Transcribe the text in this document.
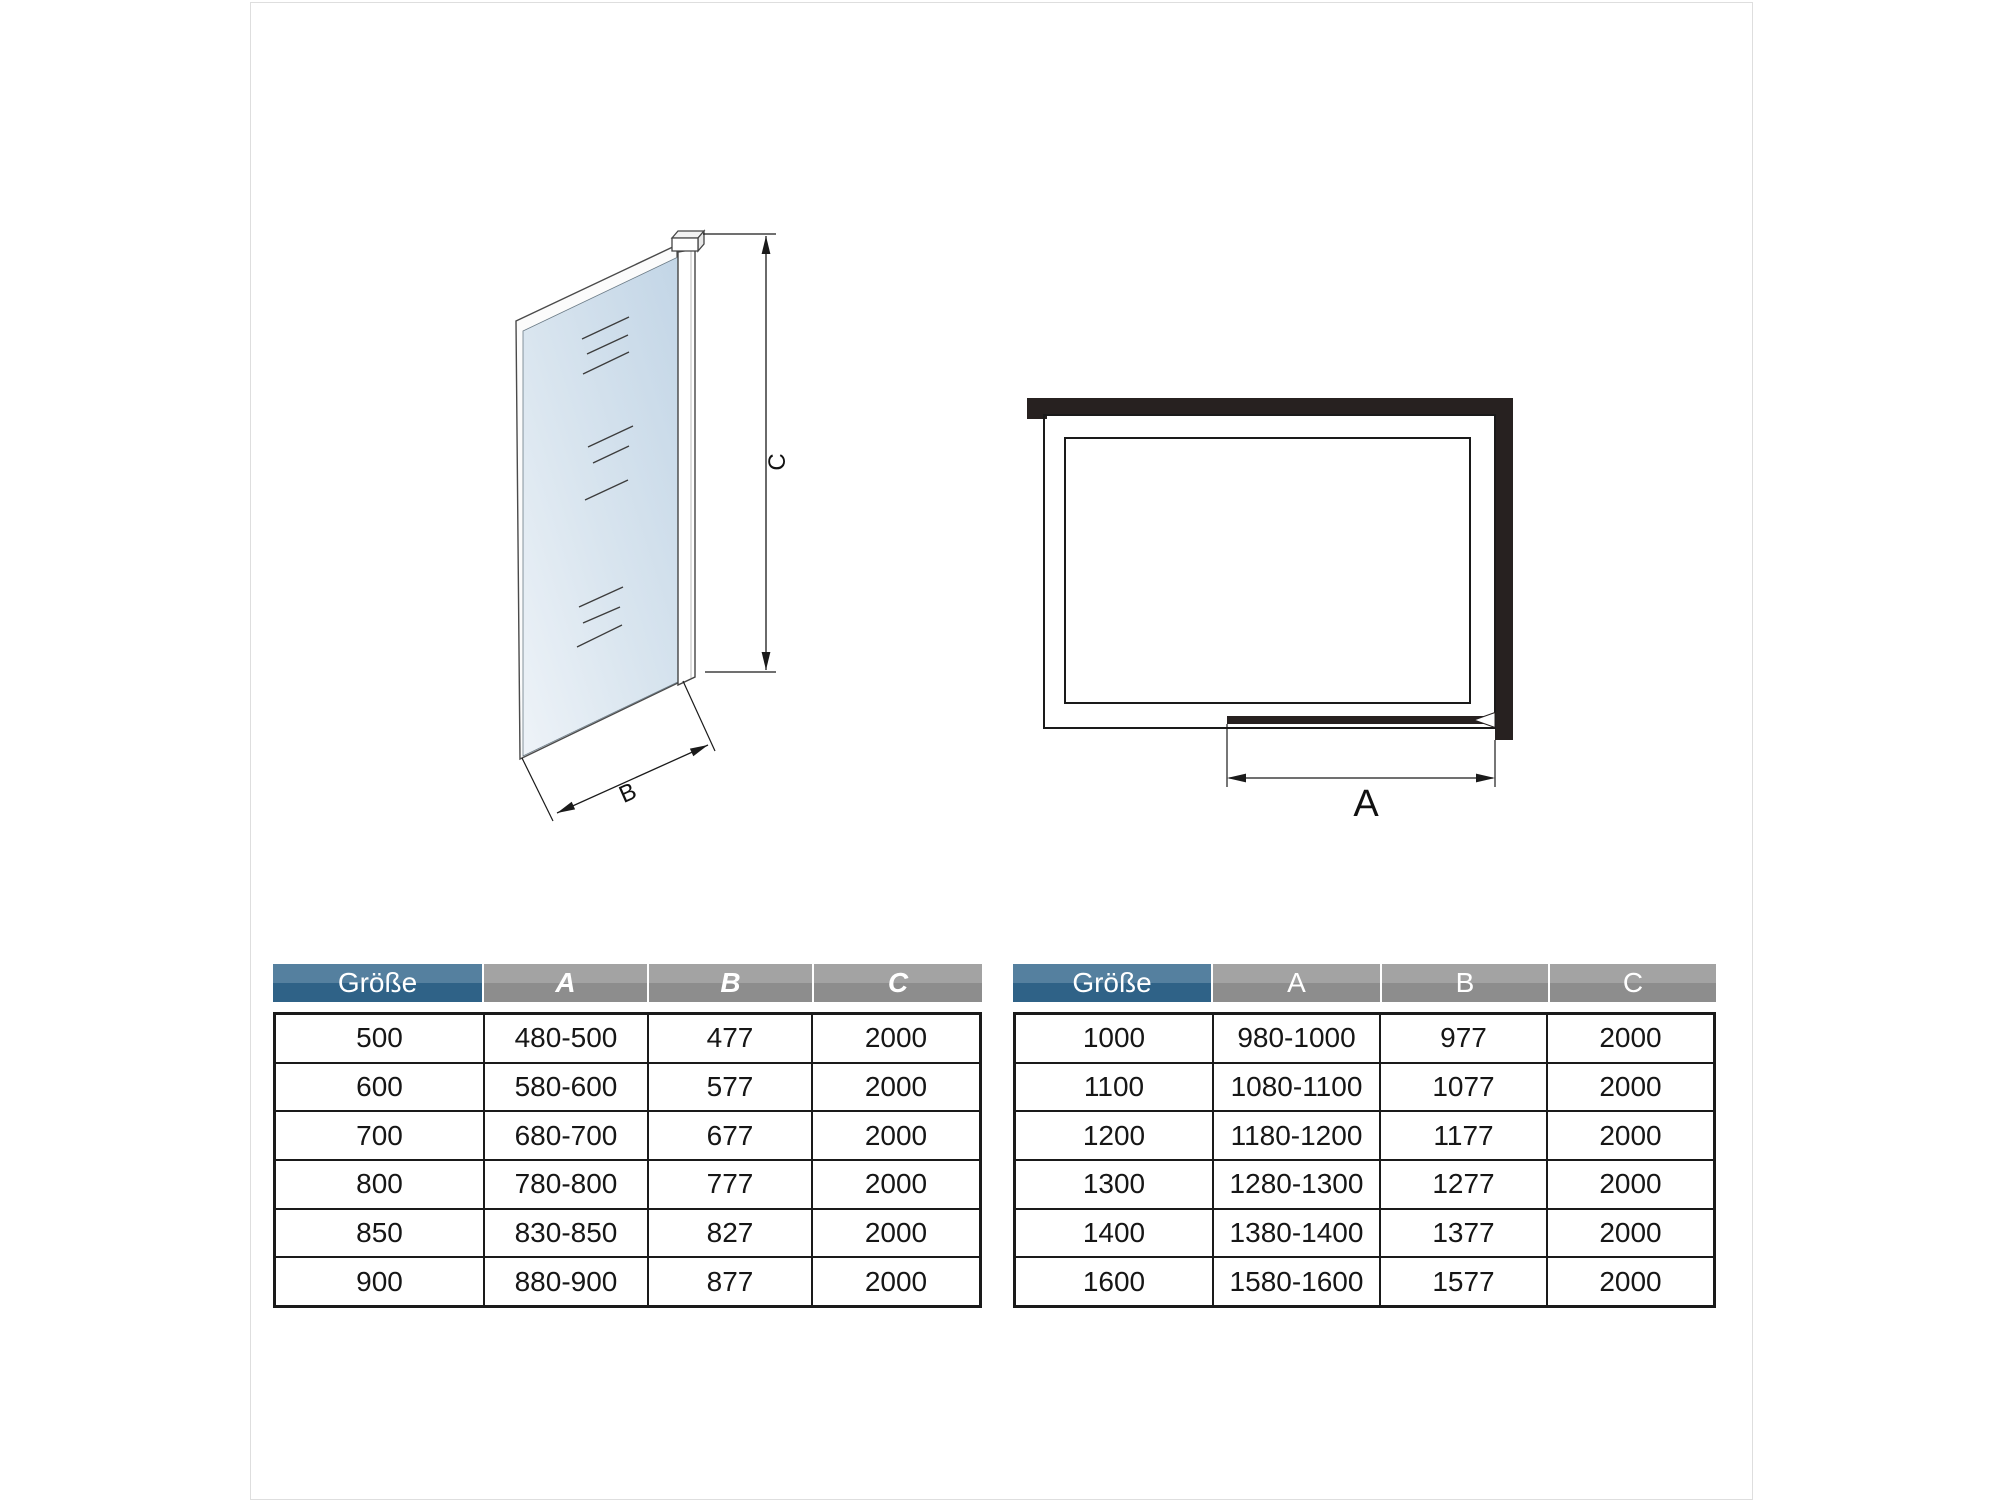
C
B	A
Größe	A	B	C
500	480-500	477	2000
600	580-600	577	2000
700	680-700	677	2000
800	780-800	777	2000
850	830-850	827	2000
900	880-900	877	2000
Größe	A	B	C
1000	980-1000	977	2000
1100	1080-1100	1077	2000
1200	1180-1200	1177	2000
1300	1280-1300	1277	2000
1400	1380-1400	1377	2000
1600	1580-1600	1577	2000
